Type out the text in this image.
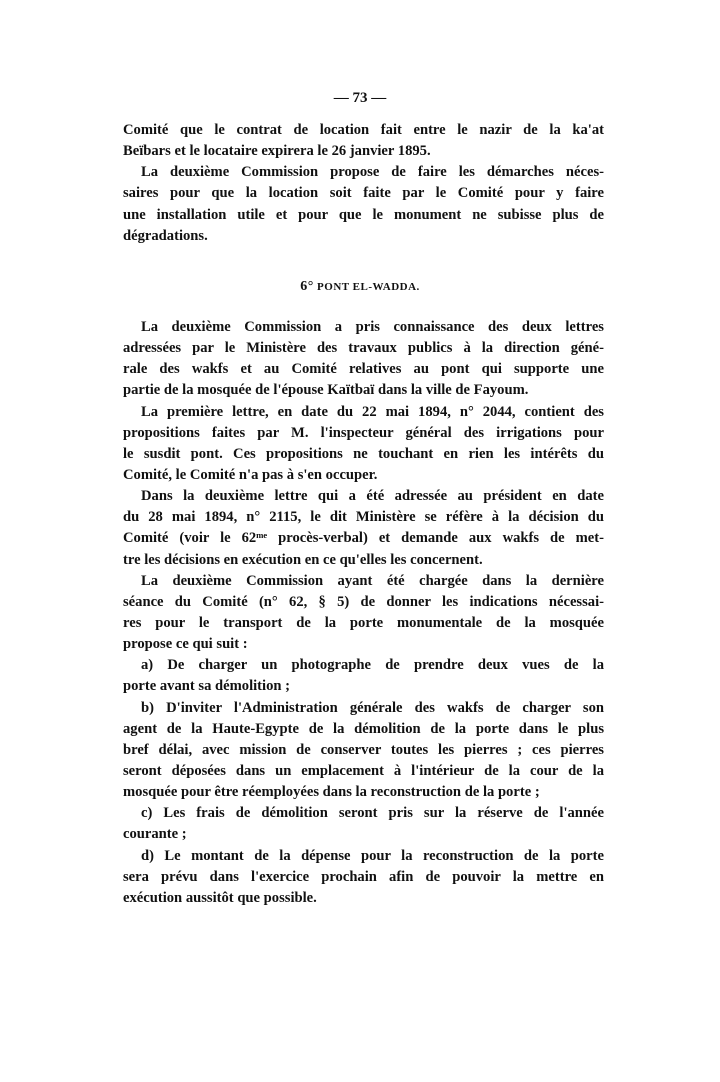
— 73 —
Comité que le contrat de location fait entre le nazir de la ka'at
Beïbars et le locataire expirera le 26 janvier 1895.
La deuxième Commission propose de faire les démarches néces-
saires pour que la location soit faite par le Comité pour y faire
une installation utile et pour que le monument ne subisse plus de
dégradations.
6° PONT EL-WADDA.
La deuxième Commission a pris connaissance des deux lettres
adressées par le Ministère des travaux publics à la direction géné-
rale des wakfs et au Comité relatives au pont qui supporte une
partie de la mosquée de l'épouse Kaïtbaï dans la ville de Fayoum.
La première lettre, en date du 22 mai 1894, n° 2044, contient des
propositions faites par M. l'inspecteur général des irrigations pour
le susdit pont. Ces propositions ne touchant en rien les intérêts du
Comité, le Comité n'a pas à s'en occuper.
Dans la deuxième lettre qui a été adressée au président en date
du 28 mai 1894, n° 2115, le dit Ministère se réfère à la décision du
Comité (voir le 62ᵐᵉ procès-verbal) et demande aux wakfs de met-
tre les décisions en exécution en ce qu'elles les concernent.
La deuxième Commission ayant été chargée dans la dernière
séance du Comité (n° 62, § 5) de donner les indications nécessai-
res pour le transport de la porte monumentale de la mosquée
propose ce qui suit :
a) De charger un photographe de prendre deux vues de la
porte avant sa démolition ;
b) D'inviter l'Administration générale des wakfs de charger son
agent de la Haute-Egypte de la démolition de la porte dans le plus
bref délai, avec mission de conserver toutes les pierres ; ces pierres
seront déposées dans un emplacement à l'intérieur de la cour de la
mosquée pour être réemployées dans la reconstruction de la porte ;
c) Les frais de démolition seront pris sur la réserve de l'année
courante ;
d) Le montant de la dépense pour la reconstruction de la porte
sera prévu dans l'exercice prochain afin de pouvoir la mettre en
exécution aussitôt que possible.
